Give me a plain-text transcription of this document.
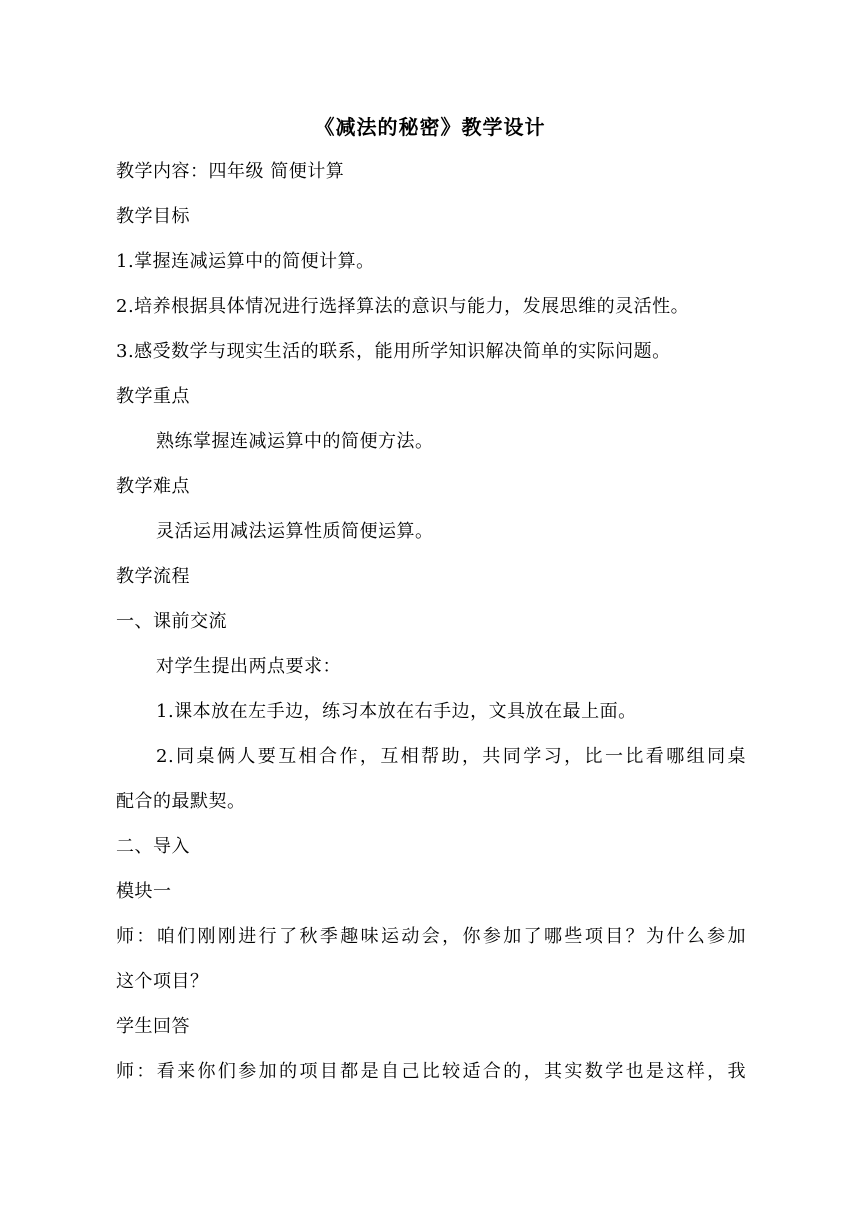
《减法的秘密》教学设计
教学内容：四年级 简便计算
教学目标
1.掌握连减运算中的简便计算。
2.培养根据具体情况进行选择算法的意识与能力，发展思维的灵活性。
3.感受数学与现实生活的联系，能用所学知识解决简单的实际问题。
教学重点
熟练掌握连减运算中的简便方法。
教学难点
灵活运用减法运算性质简便运算。
教学流程
一、课前交流
对学生提出两点要求：
1.课本放在左手边，练习本放在右手边，文具放在最上面。
2.同桌俩人要互相合作，互相帮助，共同学习，比一比看哪组同桌
配合的最默契。
二、导入
模块一
师：咱们刚刚进行了秋季趣味运动会，你参加了哪些项目？为什么参加
这个项目？
学生回答
师：看来你们参加的项目都是自己比较适合的，其实数学也是这样，我
